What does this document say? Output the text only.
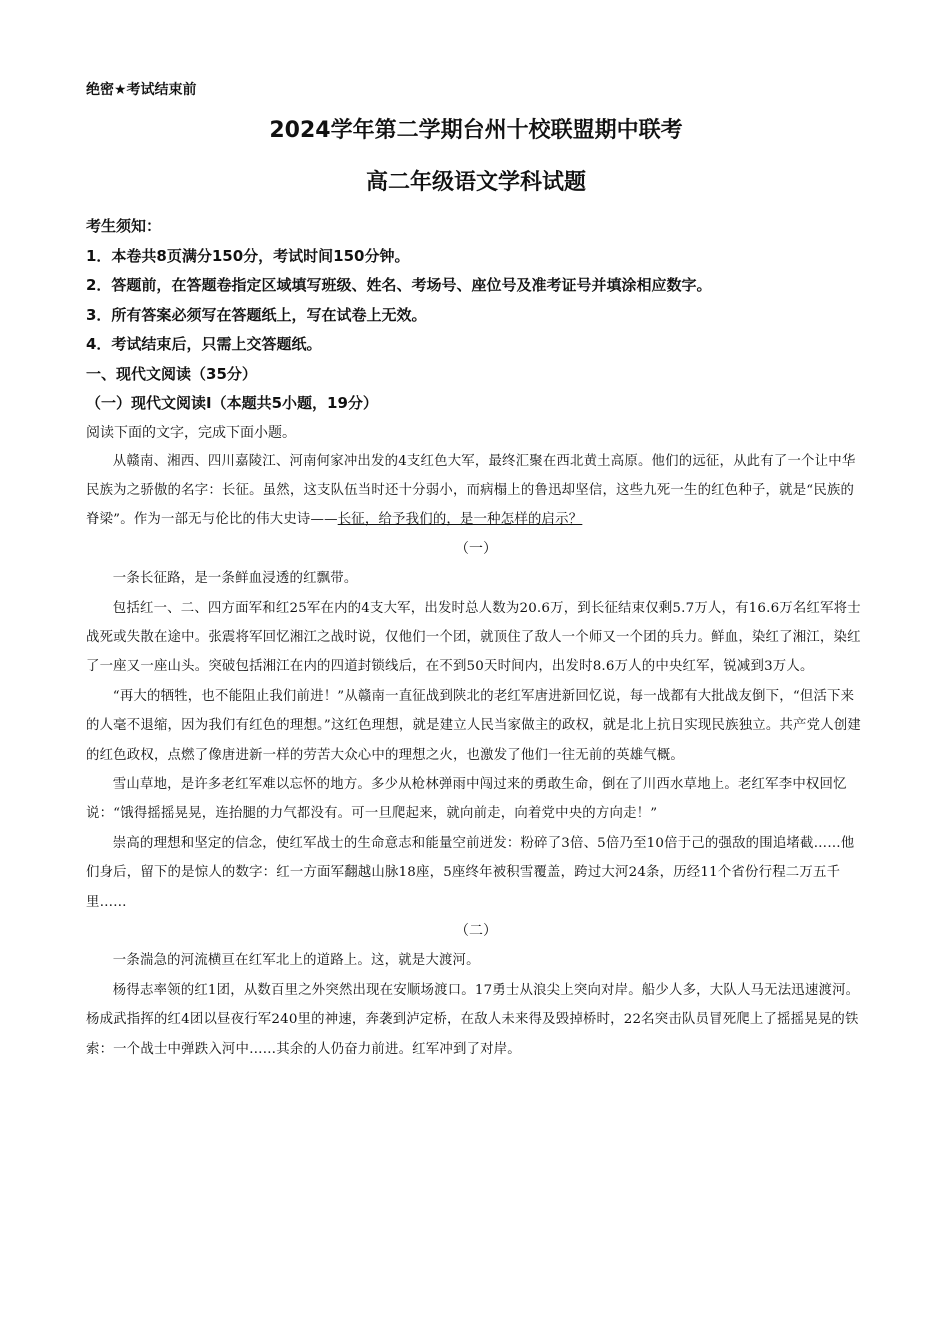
绝密★考试结束前

2024学年第二学期台州十校联盟期中联考
高二年级语文学科试题

考生须知：

1．本卷共8页满分150分，考试时间150分钟。

2．答题前，在答题卷指定区域填写班级、姓名、考场号、座位号及准考证号并填涂相应数字。

3．所有答案必须写在答题纸上，写在试卷上无效。

4．考试结束后，只需上交答题纸。

一、现代文阅读（35分）

（一）现代文阅读Ⅰ（本题共5小题，19分）

阅读下面的文字，完成下面小题。

从赣南、湘西、四川嘉陵江、河南何家冲出发的4支红色大军，最终汇聚在西北黄土高原。他们的远征，从此有了一个让中华民族为之骄傲的名字：长征。虽然，这支队伍当时还十分弱小，而病榻上的鲁迅却坚信，这些九死一生的红色种子，就是“民族的脊梁”。作为一部无与伦比的伟大史诗——长征，给予我们的，是一种怎样的启示？

（一）

一条长征路，是一条鲜血浸透的红飘带。

包括红一、二、四方面军和红25军在内的4支大军，出发时总人数为20.6万，到长征结束仅剩5.7万人，有16.6万名红军将士战死或失散在途中。张震将军回忆湘江之战时说，仅他们一个团，就顶住了敌人一个师又一个团的兵力。鲜血，染红了湘江，染红了一座又一座山头。突破包括湘江在内的四道封锁线后，在不到50天时间内，出发时8.6万人的中央红军，锐减到3万人。

“再大的牺牲，也不能阻止我们前进！”从赣南一直征战到陕北的老红军唐进新回忆说，每一战都有大批战友倒下，“但活下来的人毫不退缩，因为我们有红色的理想。”这红色理想，就是建立人民当家做主的政权，就是北上抗日实现民族独立。共产党人创建的红色政权，点燃了像唐进新一样的劳苦大众心中的理想之火，也激发了他们一往无前的英雄气概。

雪山草地，是许多老红军难以忘怀的地方。多少从枪林弹雨中闯过来的勇敢生命，倒在了川西水草地上。老红军李中权回忆说：“饿得摇摇晃晃，连抬腿的力气都没有。可一旦爬起来，就向前走，向着党中央的方向走！”

崇高的理想和坚定的信念，使红军战士的生命意志和能量空前迸发：粉碎了3倍、5倍乃至10倍于己的强敌的围追堵截……他们身后，留下的是惊人的数字：红一方面军翻越山脉18座，5座终年被积雪覆盖，跨过大河24条，历经11个省份行程二万五千里……

（二）

一条湍急的河流横亘在红军北上的道路上。这，就是大渡河。

杨得志率领的红1团，从数百里之外突然出现在安顺场渡口。17勇士从浪尖上突向对岸。船少人多，大队人马无法迅速渡河。杨成武指挥的红4团以昼夜行军240里的神速，奔袭到泸定桥，在敌人未来得及毁掉桥时，22名突击队员冒死爬上了摇摇晃晃的铁索：一个战士中弹跌入河中……其余的人仍奋力前进。红军冲到了对岸。
